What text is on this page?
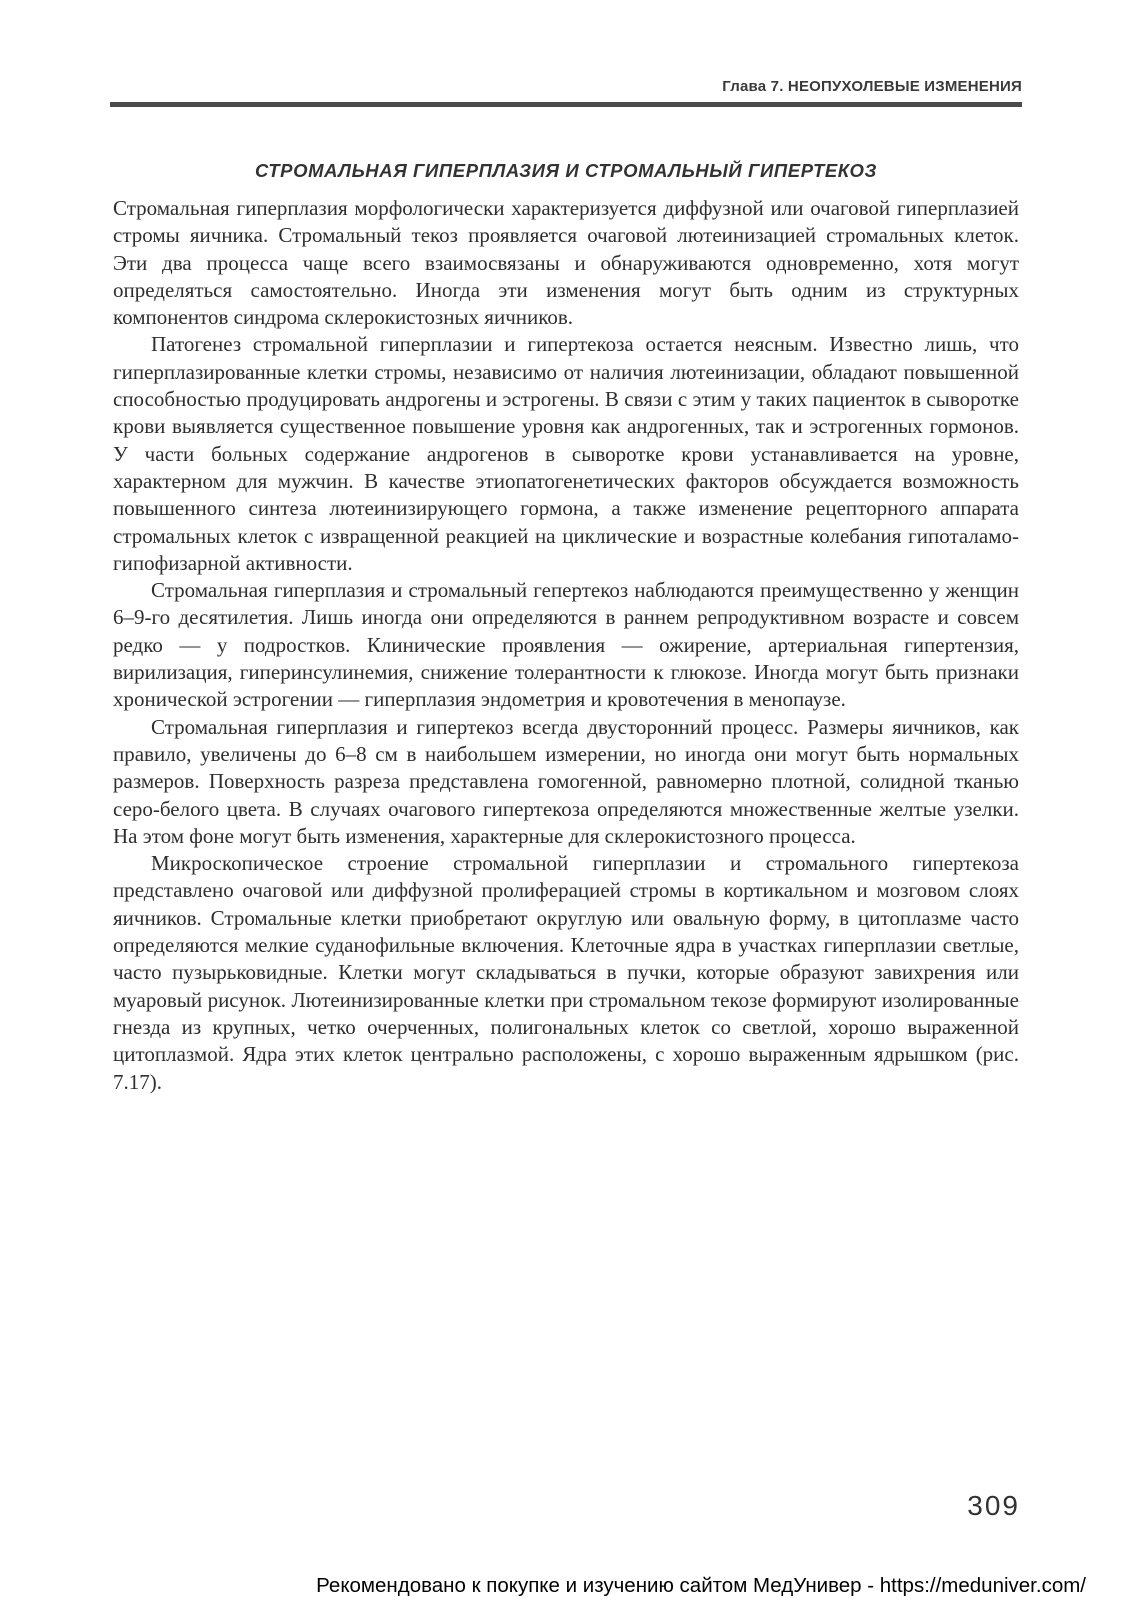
Глава 7. НЕОПУХОЛЕВЫЕ ИЗМЕНЕНИЯ
СТРОМАЛЬНАЯ ГИПЕРПЛАЗИЯ И СТРОМАЛЬНЫЙ ГИПЕРТЕКОЗ

Стромальная гиперплазия морфологически характеризуется диффузной или очаговой гиперплазией стромы яичника. Стромальный текоз проявляется очаговой лютеинизацией стромальных клеток. Эти два процесса чаще всего взаимосвязаны и обнаруживаются одновременно, хотя могут определяться самостоятельно. Иногда эти изменения могут быть одним из структурных компонентов синдрома склерокистозных яичников.

Патогенез стромальной гиперплазии и гипертекоза остается неясным. Известно лишь, что гиперплазированные клетки стромы, независимо от наличия лютеинизации, обладают повышенной способностью продуцировать андрогены и эстрогены. В связи с этим у таких пациенток в сыворотке крови выявляется существенное повышение уровня как андрогенных, так и эстрогенных гормонов. У части больных содержание андрогенов в сыворотке крови устанавливается на уровне, характерном для мужчин. В качестве этиопатогенетических факторов обсуждается возможность повышенного синтеза лютеинизирующего гормона, а также изменение рецепторного аппарата стромальных клеток с извращенной реакцией на циклические и возрастные колебания гипоталамо-гипофизарной активности.

Стромальная гиперплазия и стромальный гепертекоз наблюдаются преимущественно у женщин 6–9-го десятилетия. Лишь иногда они определяются в раннем репродуктивном возрасте и совсем редко — у подростков. Клинические проявления — ожирение, артериальная гипертензия, вирилизация, гиперинсулинемия, снижение толерантности к глюкозе. Иногда могут быть признаки хронической эстрогении — гиперплазия эндометрия и кровотечения в менопаузе.

Стромальная гиперплазия и гипертекоз всегда двусторонний процесс. Размеры яичников, как правило, увеличены до 6–8 см в наибольшем измерении, но иногда они могут быть нормальных размеров. Поверхность разреза представлена гомогенной, равномерно плотной, солидной тканью серо-белого цвета. В случаях очагового гипертекоза определяются множественные желтые узелки. На этом фоне могут быть изменения, характерные для склерокистозного процесса.

Микроскопическое строение стромальной гиперплазии и стромального гипертекоза представлено очаговой или диффузной пролиферацией стромы в кортикальном и мозговом слоях яичников. Стромальные клетки приобретают округлую или овальную форму, в цитоплазме часто определяются мелкие суданофильные включения. Клеточные ядра в участках гиперплазии светлые, часто пузырьковидные. Клетки могут складываться в пучки, которые образуют завихрения или муаровый рисунок. Лютеинизированные клетки при стромальном текозе формируют изолированные гнезда из крупных, четко очерченных, полигональных клеток со светлой, хорошо выраженной цитоплазмой. Ядра этих клеток центрально расположены, с хорошо выраженным ядрышком (рис. 7.17).

309
Рекомендовано к покупке и изучению сайтом МедУнивер - https://meduniver.com/
